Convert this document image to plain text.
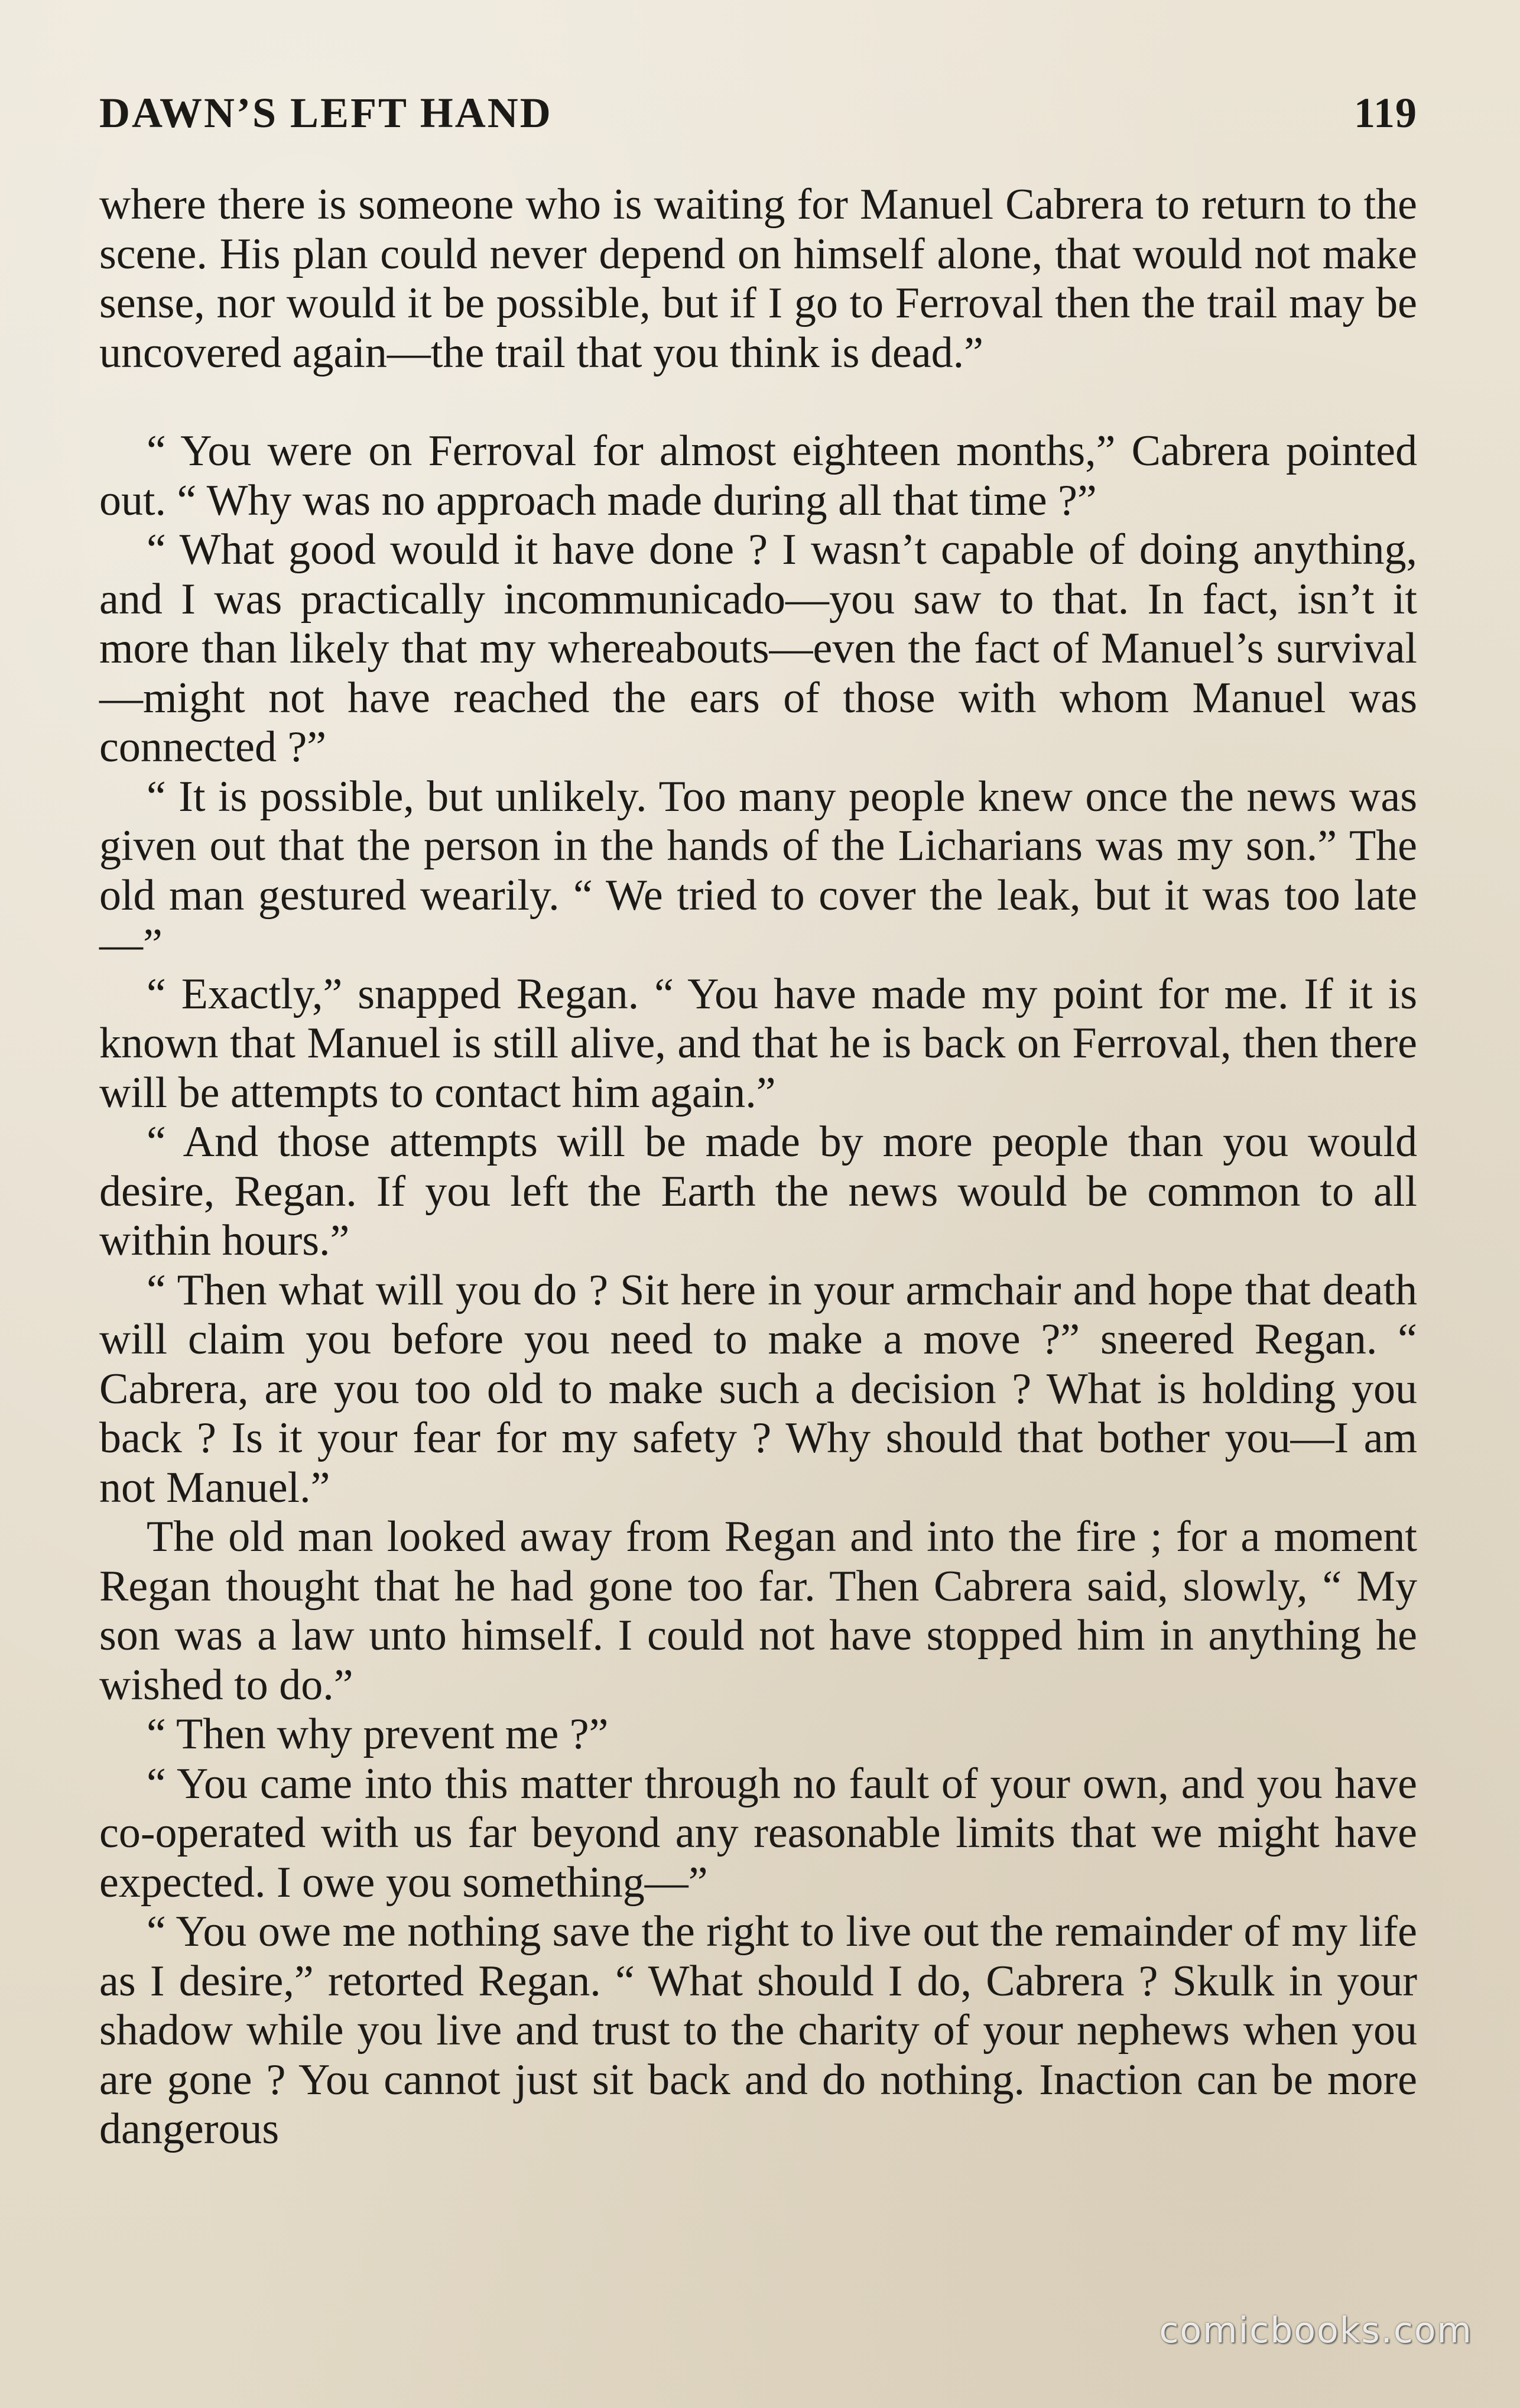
DAWN’S LEFT HAND	119

where there is someone who is waiting for Manuel Cabrera to return to the scene. His plan could never depend on himself alone, that would not make sense, nor would it be possible, but if I go to Ferroval then the trail may be uncovered again—the trail that you think is dead.”

“ You were on Ferroval for almost eighteen months,” Cabrera pointed out. “ Why was no approach made during all that time ?”

“ What good would it have done ? I wasn’t capable of doing anything, and I was practically incommunicado—you saw to that. In fact, isn’t it more than likely that my whereabouts—even the fact of Manuel’s survival—might not have reached the ears of those with whom Manuel was connected ?”

“ It is possible, but unlikely. Too many people knew once the news was given out that the person in the hands of the Licharians was my son.” The old man gestured wearily. “ We tried to cover the leak, but it was too late—”

“ Exactly,” snapped Regan. “ You have made my point for me. If it is known that Manuel is still alive, and that he is back on Ferroval, then there will be attempts to contact him again.”

“ And those attempts will be made by more people than you would desire, Regan. If you left the Earth the news would be common to all within hours.”

“ Then what will you do ? Sit here in your armchair and hope that death will claim you before you need to make a move ?” sneered Regan. “ Cabrera, are you too old to make such a decision ? What is holding you back ? Is it your fear for my safety ? Why should that bother you—I am not Manuel.”

The old man looked away from Regan and into the fire ; for a moment Regan thought that he had gone too far. Then Cabrera said, slowly, “ My son was a law unto himself. I could not have stopped him in anything he wished to do.”

“ Then why prevent me ?”

“ You came into this matter through no fault of your own, and you have co-operated with us far beyond any reasonable limits that we might have expected. I owe you something—”

“ You owe me nothing save the right to live out the remainder of my life as I desire,” retorted Regan. “ What should I do, Cabrera ? Skulk in your shadow while you live and trust to the charity of your nephews when you are gone ? You cannot just sit back and do nothing. Inaction can be more dangerous

comicbooks.com
